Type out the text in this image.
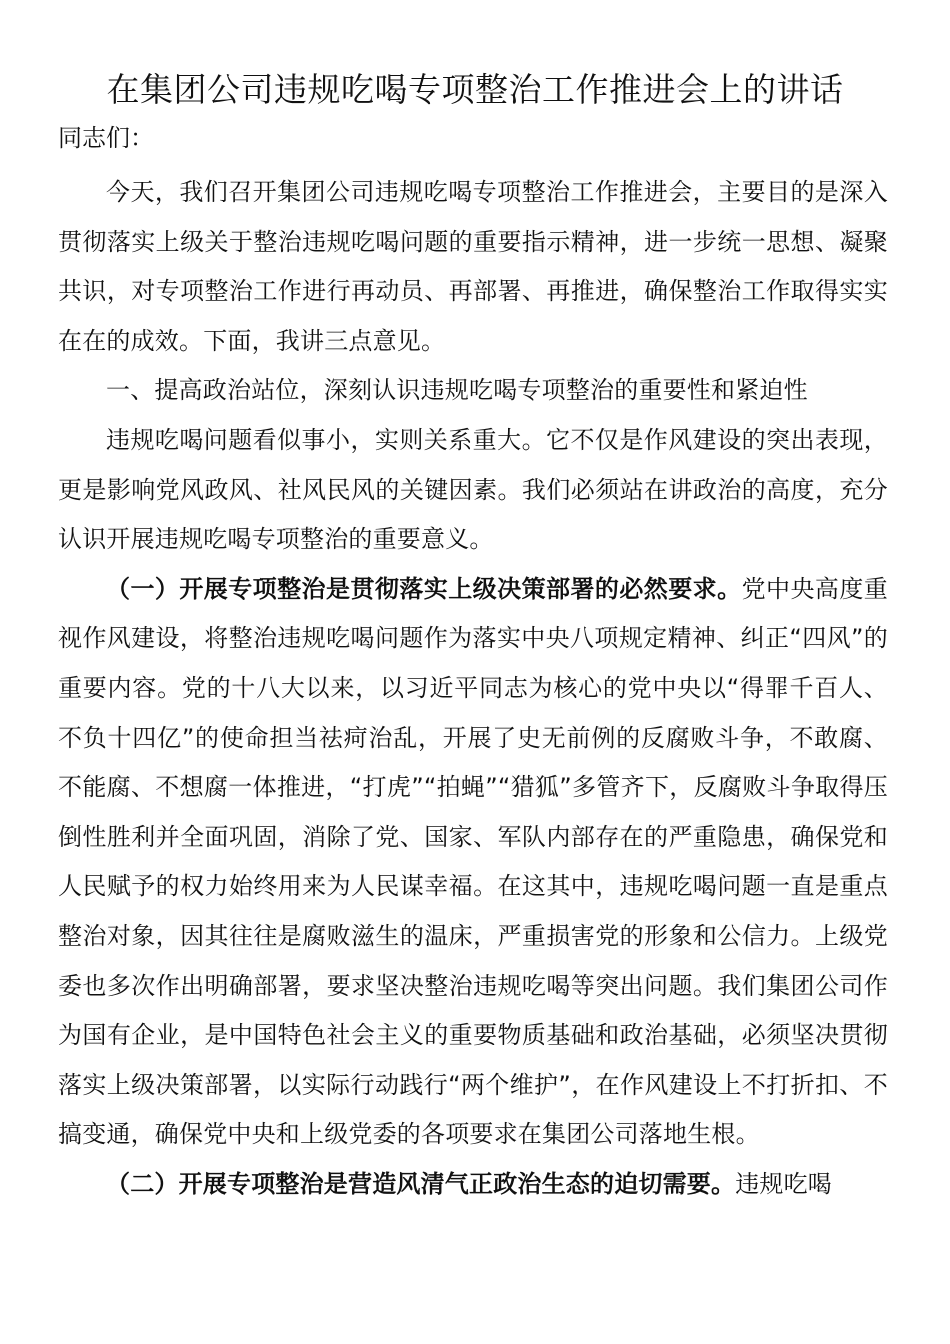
在集团公司违规吃喝专项整治工作推进会上的讲话
同志们：

今天，我们召开集团公司违规吃喝专项整治工作推进会，主要目的是深入贯彻落实上级关于整治违规吃喝问题的重要指示精神，进一步统一思想、凝聚共识，对专项整治工作进行再动员、再部署、再推进，确保整治工作取得实实在在的成效。下面，我讲三点意见。

一、提高政治站位，深刻认识违规吃喝专项整治的重要性和紧迫性

违规吃喝问题看似事小，实则关系重大。它不仅是作风建设的突出表现，更是影响党风政风、社风民风的关键因素。我们必须站在讲政治的高度，充分认识开展违规吃喝专项整治的重要意义。

（一）开展专项整治是贯彻落实上级决策部署的必然要求。党中央高度重视作风建设，将整治违规吃喝问题作为落实中央八项规定精神、纠正“四风”的重要内容。党的十八大以来，以习近平同志为核心的党中央以“得罪千百人、不负十四亿”的使命担当祛疴治乱，开展了史无前例的反腐败斗争，不敢腐、不能腐、不想腐一体推进，“打虎”“拍蝇”“猎狐”多管齐下，反腐败斗争取得压倒性胜利并全面巩固，消除了党、国家、军队内部存在的严重隐患，确保党和人民赋予的权力始终用来为人民谋幸福。在这其中，违规吃喝问题一直是重点整治对象，因其往往是腐败滋生的温床，严重损害党的形象和公信力。上级党委也多次作出明确部署，要求坚决整治违规吃喝等突出问题。我们集团公司作为国有企业，是中国特色社会主义的重要物质基础和政治基础，必须坚决贯彻落实上级决策部署，以实际行动践行“两个维护”，在作风建设上不打折扣、不搞变通，确保党中央和上级党委的各项要求在集团公司落地生根。

（二）开展专项整治是营造风清气正政治生态的迫切需要。违规吃喝
